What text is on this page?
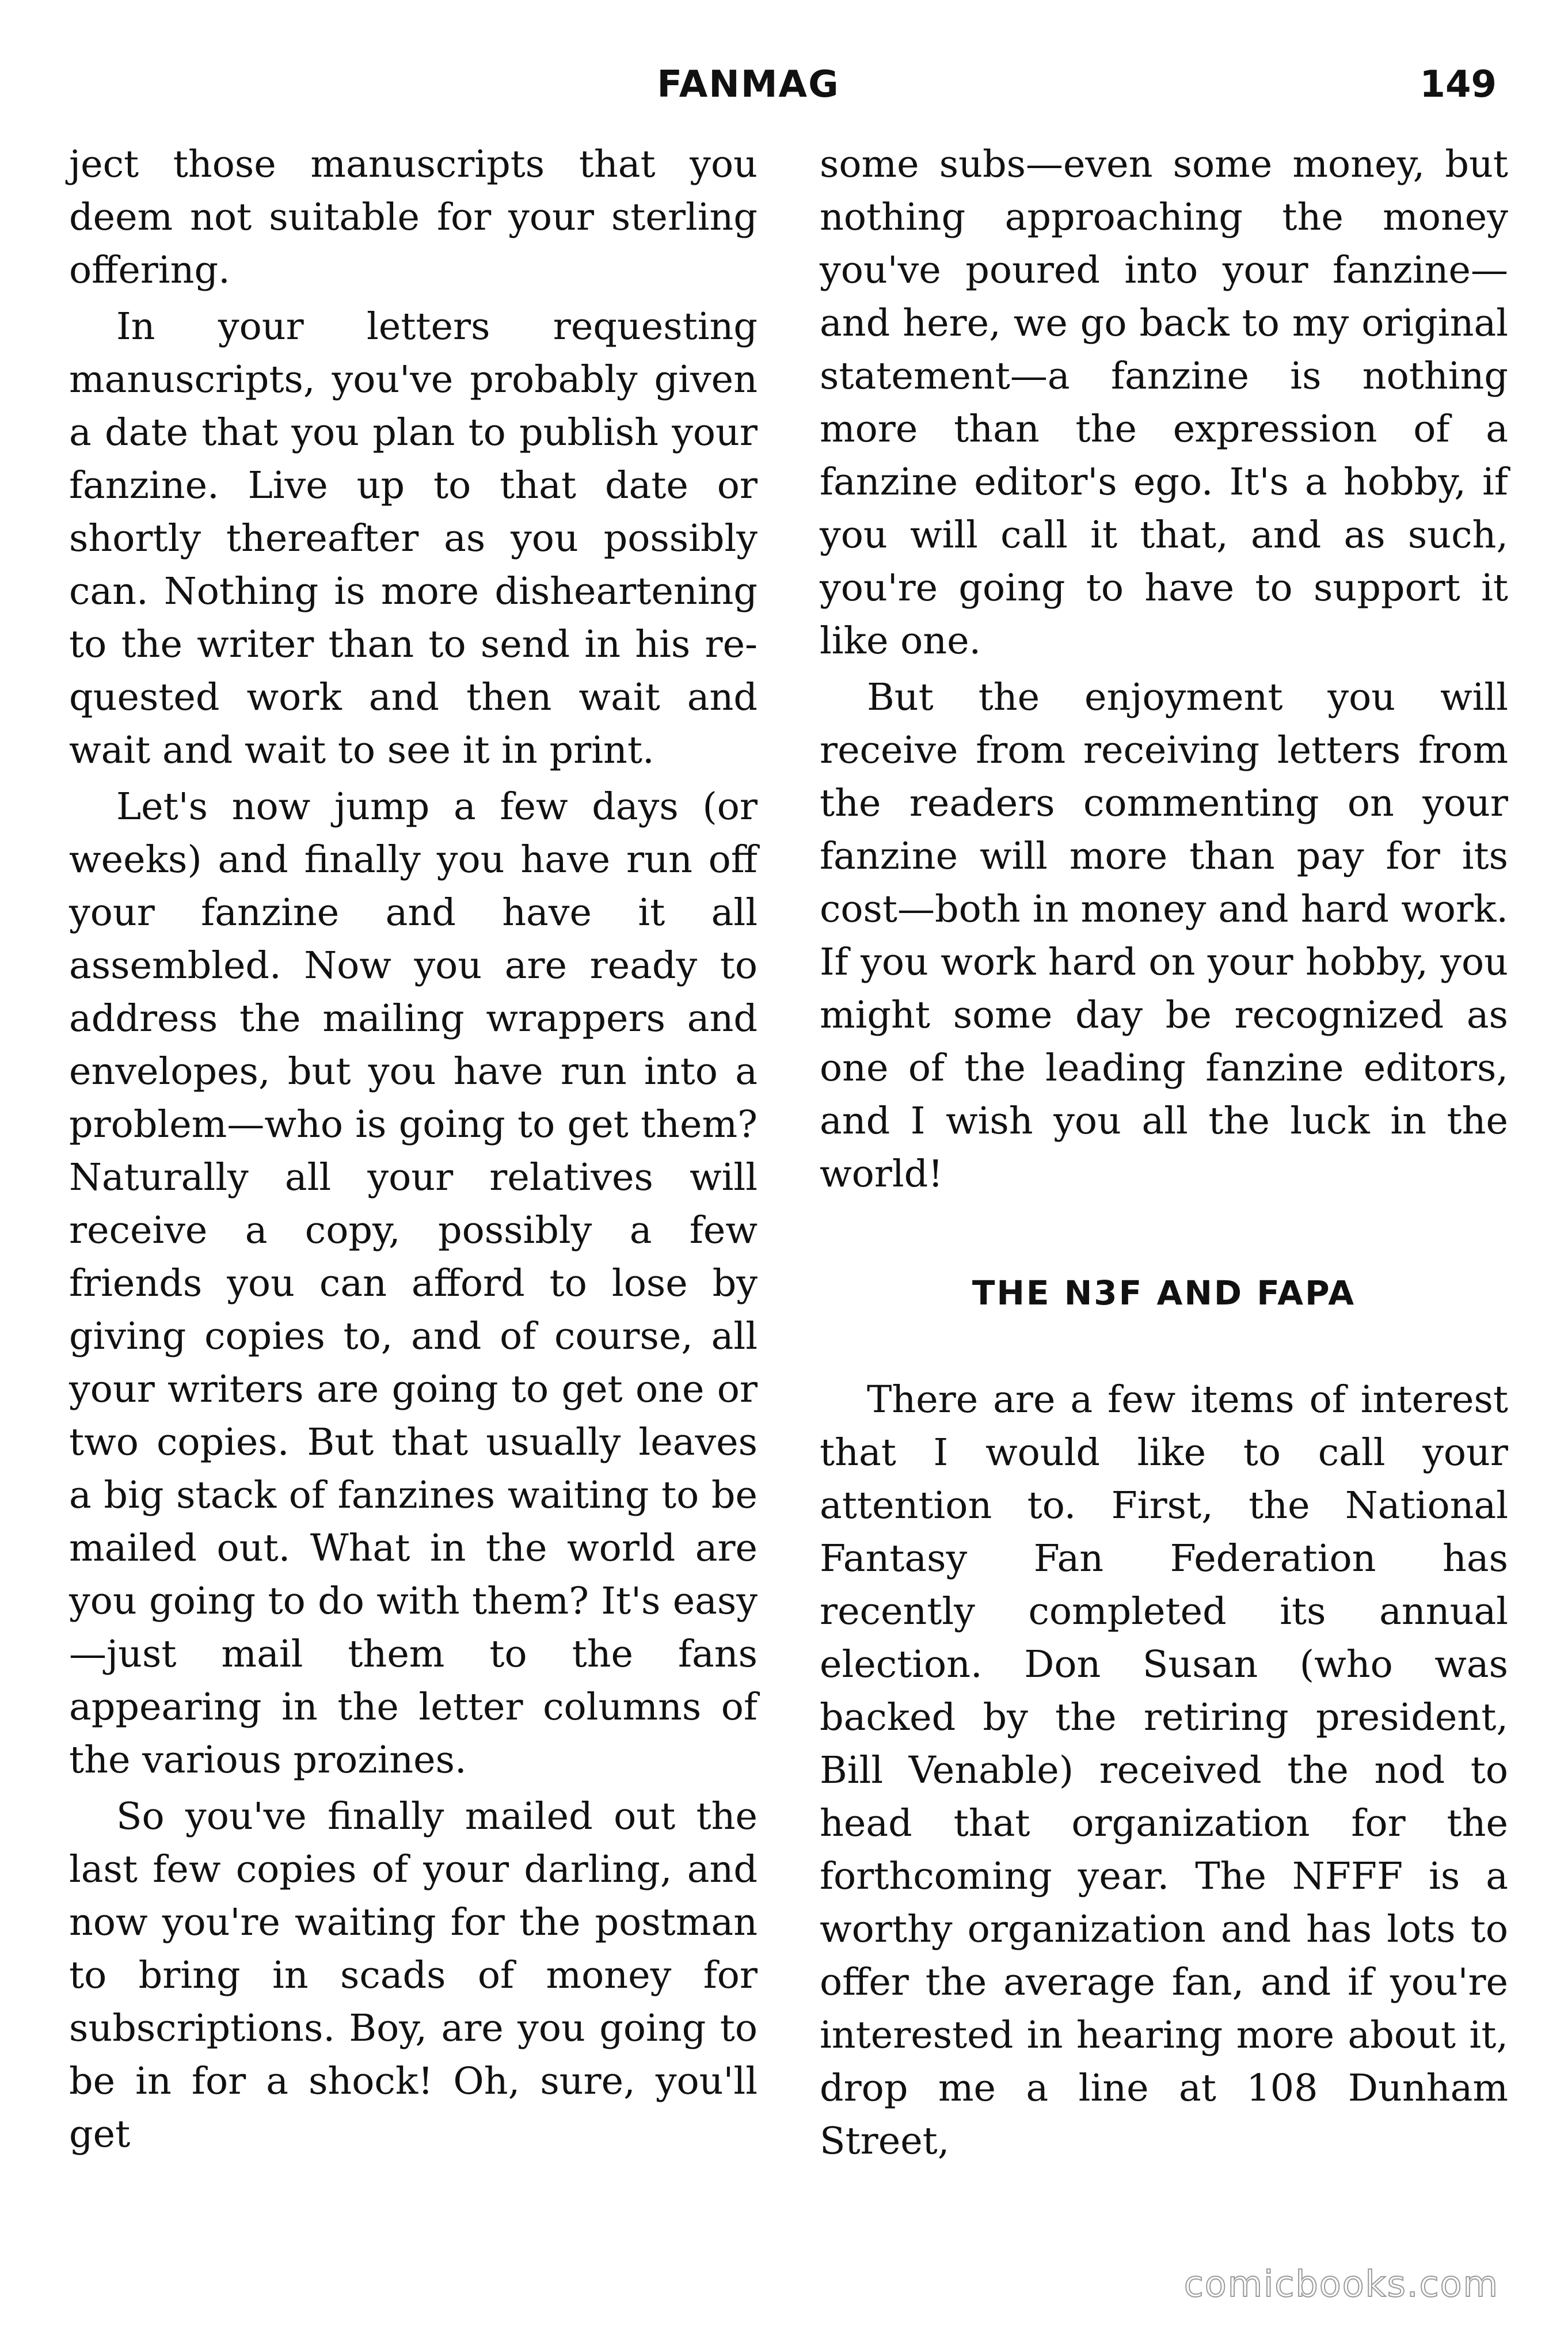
FANMAG	149

ject those manuscripts that you deem not suitable for your sterling offering.

In your letters requesting manuscripts, you've probably given a date that you plan to publish your fanzine. Live up to that date or shortly thereafter as you possibly can. Nothing is more disheartening to the writer than to send in his requested work and then wait and wait and wait to see it in print.

Let's now jump a few days (or weeks) and finally you have run off your fanzine and have it all assembled. Now you are ready to address the mailing wrappers and envelopes, but you have run into a problem—who is going to get them? Naturally all your relatives will receive a copy, possibly a few friends you can afford to lose by giving copies to, and of course, all your writers are going to get one or two copies. But that usually leaves a big stack of fanzines waiting to be mailed out. What in the world are you going to do with them? It's easy—just mail them to the fans appearing in the letter columns of the various prozines.

So you've finally mailed out the last few copies of your darling, and now you're waiting for the postman to bring in scads of money for subscriptions. Boy, are you going to be in for a shock! Oh, sure, you'll get

some subs—even some money, but nothing approaching the money you've poured into your fanzine—and here, we go back to my original statement—a fanzine is nothing more than the expression of a fanzine editor's ego. It's a hobby, if you will call it that, and as such, you're going to have to support it like one.

But the enjoyment you will receive from receiving letters from the readers commenting on your fanzine will more than pay for its cost—both in money and hard work. If you work hard on your hobby, you might some day be recognized as one of the leading fanzine editors, and I wish you all the luck in the world!

THE N3F AND FAPA

There are a few items of interest that I would like to call your attention to. First, the National Fantasy Fan Federation has recently completed its annual election. Don Susan (who was backed by the retiring president, Bill Venable) received the nod to head that organization for the forthcoming year. The NFFF is a worthy organization and has lots to offer the average fan, and if you're interested in hearing more about it, drop me a line at 108 Dunham Street,

comicbooks.com
